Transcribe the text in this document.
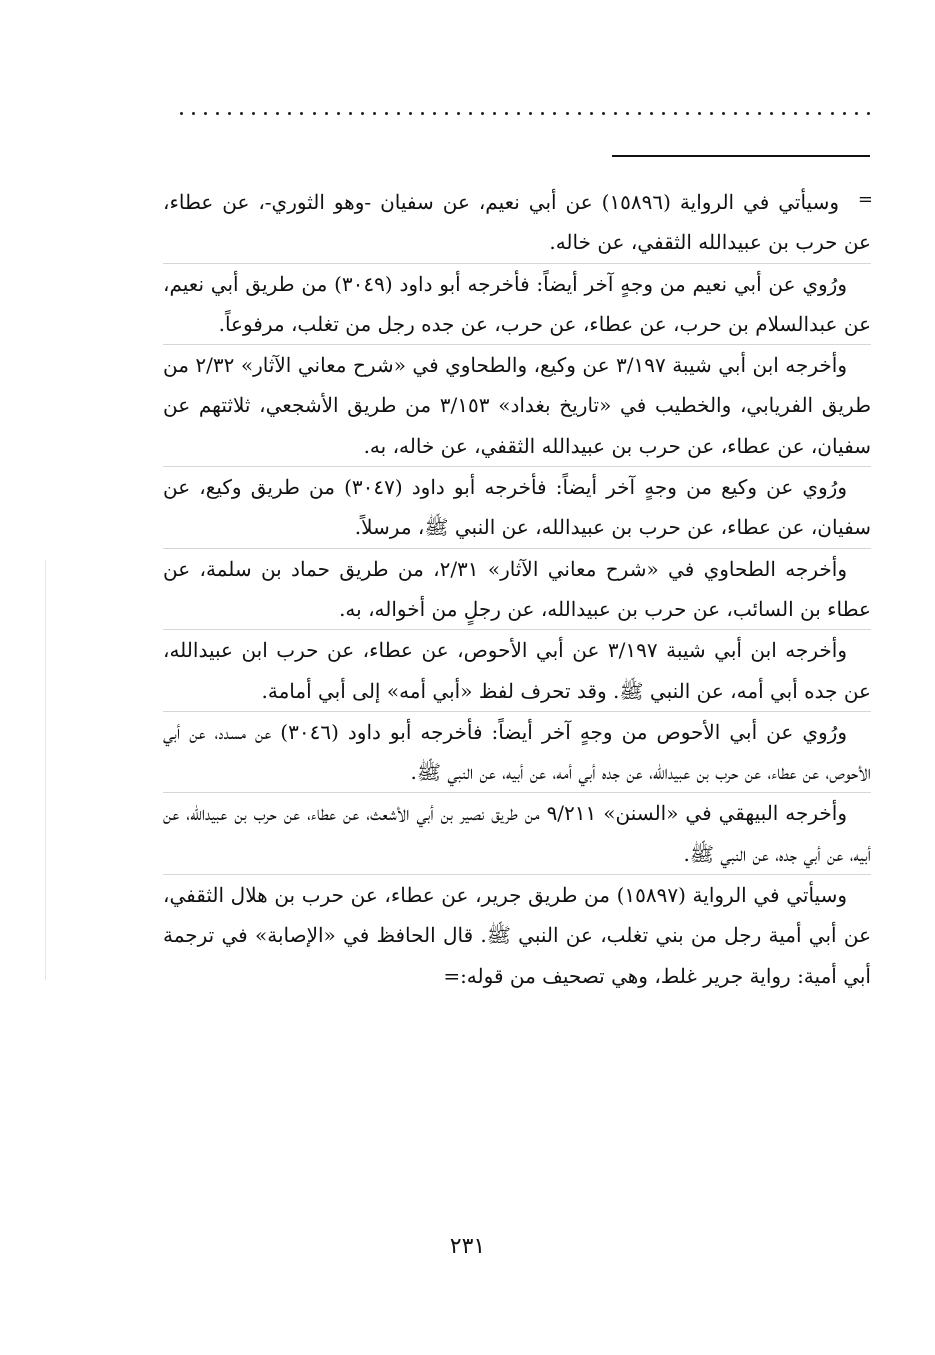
=
وسيأتي في الرواية (١٥٨٩٦) عن أبي نعيم، عن سفيان -وهو الثوري-، عن عطاء، عن حرب بن عبيدالله الثقفي، عن خاله.

ورُوي عن أبي نعيم من وجهٍ آخر أيضاً: فأخرجه أبو داود (٣٠٤٩) من طريق أبي نعيم، عن عبدالسلام بن حرب، عن عطاء، عن حرب، عن جده رجل من تغلب، مرفوعاً.

وأخرجه ابن أبي شيبة ٣/١٩٧ عن وكيع، والطحاوي في «شرح معاني الآثار» ٢/٣٢ من طريق الفريابي، والخطيب في «تاريخ بغداد» ٣/١٥٣ من طريق الأشجعي، ثلاثتهم عن سفيان، عن عطاء، عن حرب بن عبيدالله الثقفي، عن خاله، به.

ورُوي عن وكيع من وجهٍ آخر أيضاً: فأخرجه أبو داود (٣٠٤٧) من طريق وكيع، عن سفيان، عن عطاء، عن حرب بن عبيدالله، عن النبي ﷺ، مرسلاً.

وأخرجه الطحاوي في «شرح معاني الآثار» ٢/٣١، من طريق حماد بن سلمة، عن عطاء بن السائب، عن حرب بن عبيدالله، عن رجلٍ من أخواله، به.

وأخرجه ابن أبي شيبة ٣/١٩٧ عن أبي الأحوص، عن عطاء، عن حرب ابن عبيدالله، عن جده أبي أمه، عن النبي ﷺ. وقد تحرف لفظ «أبي أمه» إلى أبي أمامة.

ورُوي عن أبي الأحوص من وجهٍ آخر أيضاً: فأخرجه أبو داود (٣٠٤٦) عن مسدد، عن أبي الأحوص، عن عطاء، عن حرب بن عبيدالله، عن جده أبي أمه، عن أبيه، عن النبي ﷺ.

وأخرجه البيهقي في «السنن» ٩/٢١١ من طريق نصير بن أبي الأشعث، عن عطاء، عن حرب بن عبيدالله، عن أبيه، عن أبي جده، عن النبي ﷺ.

وسيأتي في الرواية (١٥٨٩٧) من طريق جرير، عن عطاء، عن حرب بن هلال الثقفي، عن أبي أمية رجل من بني تغلب، عن النبي ﷺ. قال الحافظ في «الإصابة» في ترجمة أبي أمية: رواية جرير غلط، وهي تصحيف من قوله:=

٢٣١
